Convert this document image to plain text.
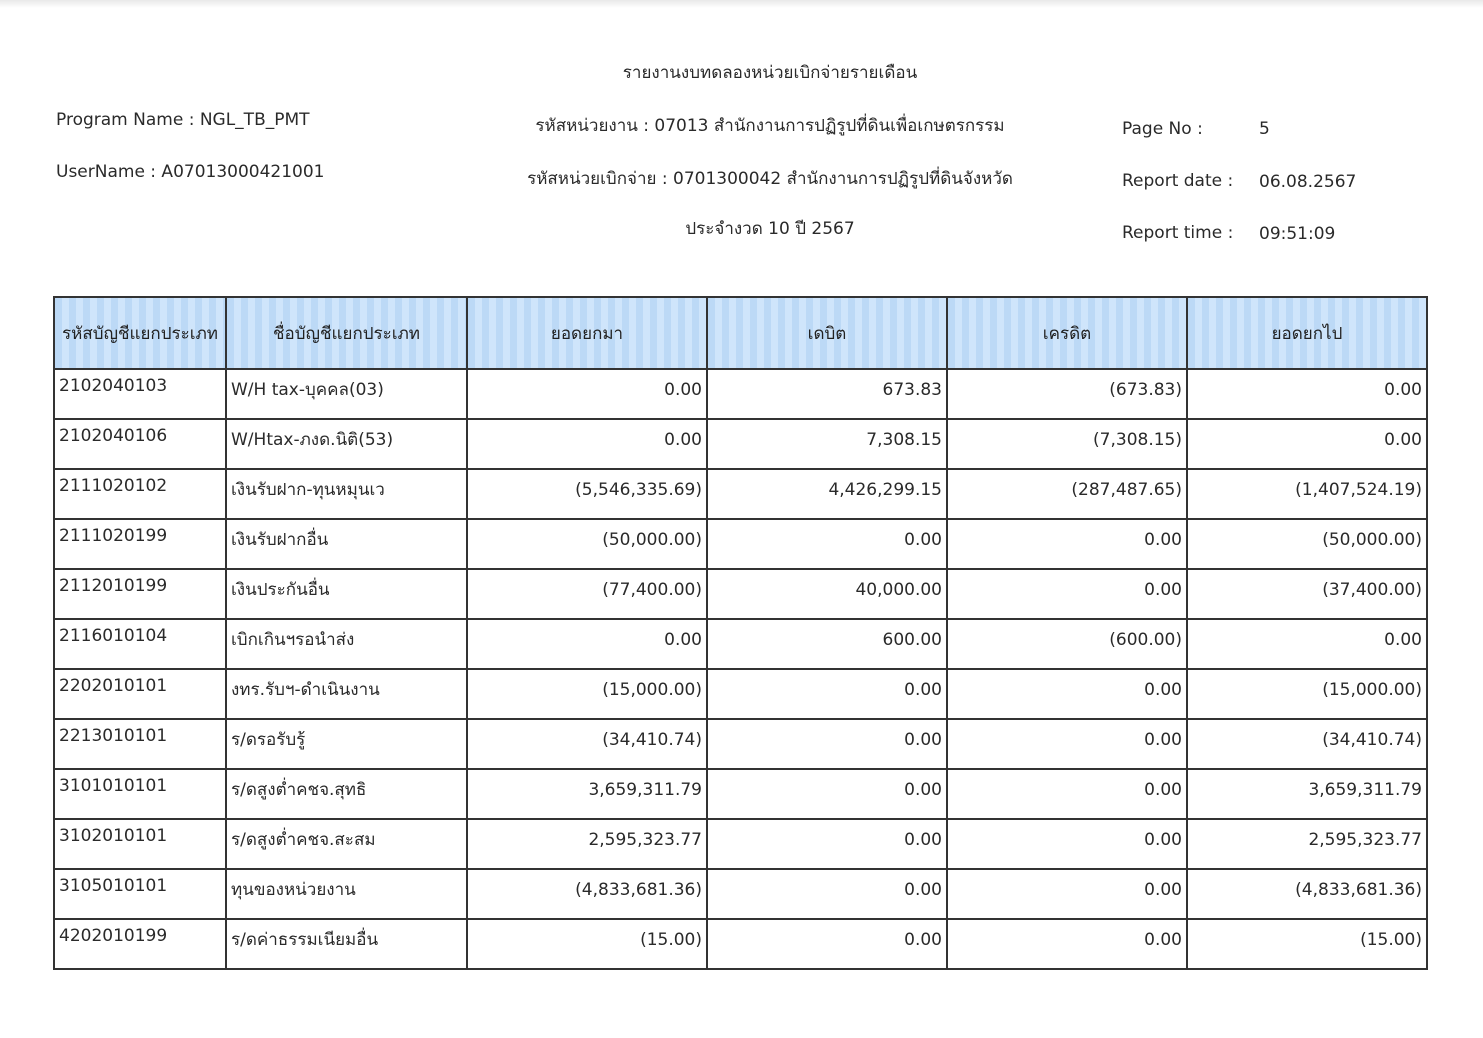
รายงานงบทดลองหน่วยเบิกจ่ายรายเดือน
รหัสหน่วยงาน : 07013 สำนักงานการปฏิรูปที่ดินเพื่อเกษตรกรรม
รหัสหน่วยเบิกจ่าย : 0701300042 สำนักงานการปฏิรูปที่ดินจังหวัด
ประจำงวด 10 ปี 2567
Program Name : NGL_TB_PMT
UserName : A07013000421001
Page No :	5
Report date : 06.08.2567
Report time : 09:51:09
รหัสบัญชีแยกประเภท	ชื่อบัญชีแยกประเภท	ยอดยกมา	เดบิต	เครดิต	ยอดยกไป
2102040103	W/H tax-บุคคล(03)	0.00	673.83	(673.83)	0.00
2102040106	W/Htax-ภงด.นิติ(53)	0.00	7,308.15	(7,308.15)	0.00
2111020102	เงินรับฝาก-ทุนหมุนเว	(5,546,335.69)	4,426,299.15	(287,487.65)	(1,407,524.19)
2111020199	เงินรับฝากอื่น	(50,000.00)	0.00	0.00	(50,000.00)
2112010199	เงินประกันอื่น	(77,400.00)	40,000.00	0.00	(37,400.00)
2116010104	เบิกเกินฯรอนำส่ง	0.00	600.00	(600.00)	0.00
2202010101	งทร.รับฯ-ดำเนินงาน	(15,000.00)	0.00	0.00	(15,000.00)
2213010101	ร/ดรอรับรู้	(34,410.74)	0.00	0.00	(34,410.74)
3101010101	ร/ดสูงต่ำคชจ.สุทธิ	3,659,311.79	0.00	0.00	3,659,311.79
3102010101	ร/ดสูงต่ำคชจ.สะสม	2,595,323.77	0.00	0.00	2,595,323.77
3105010101	ทุนของหน่วยงาน	(4,833,681.36)	0.00	0.00	(4,833,681.36)
4202010199	ร/ดค่าธรรมเนียมอื่น	(15.00)	0.00	0.00	(15.00)
